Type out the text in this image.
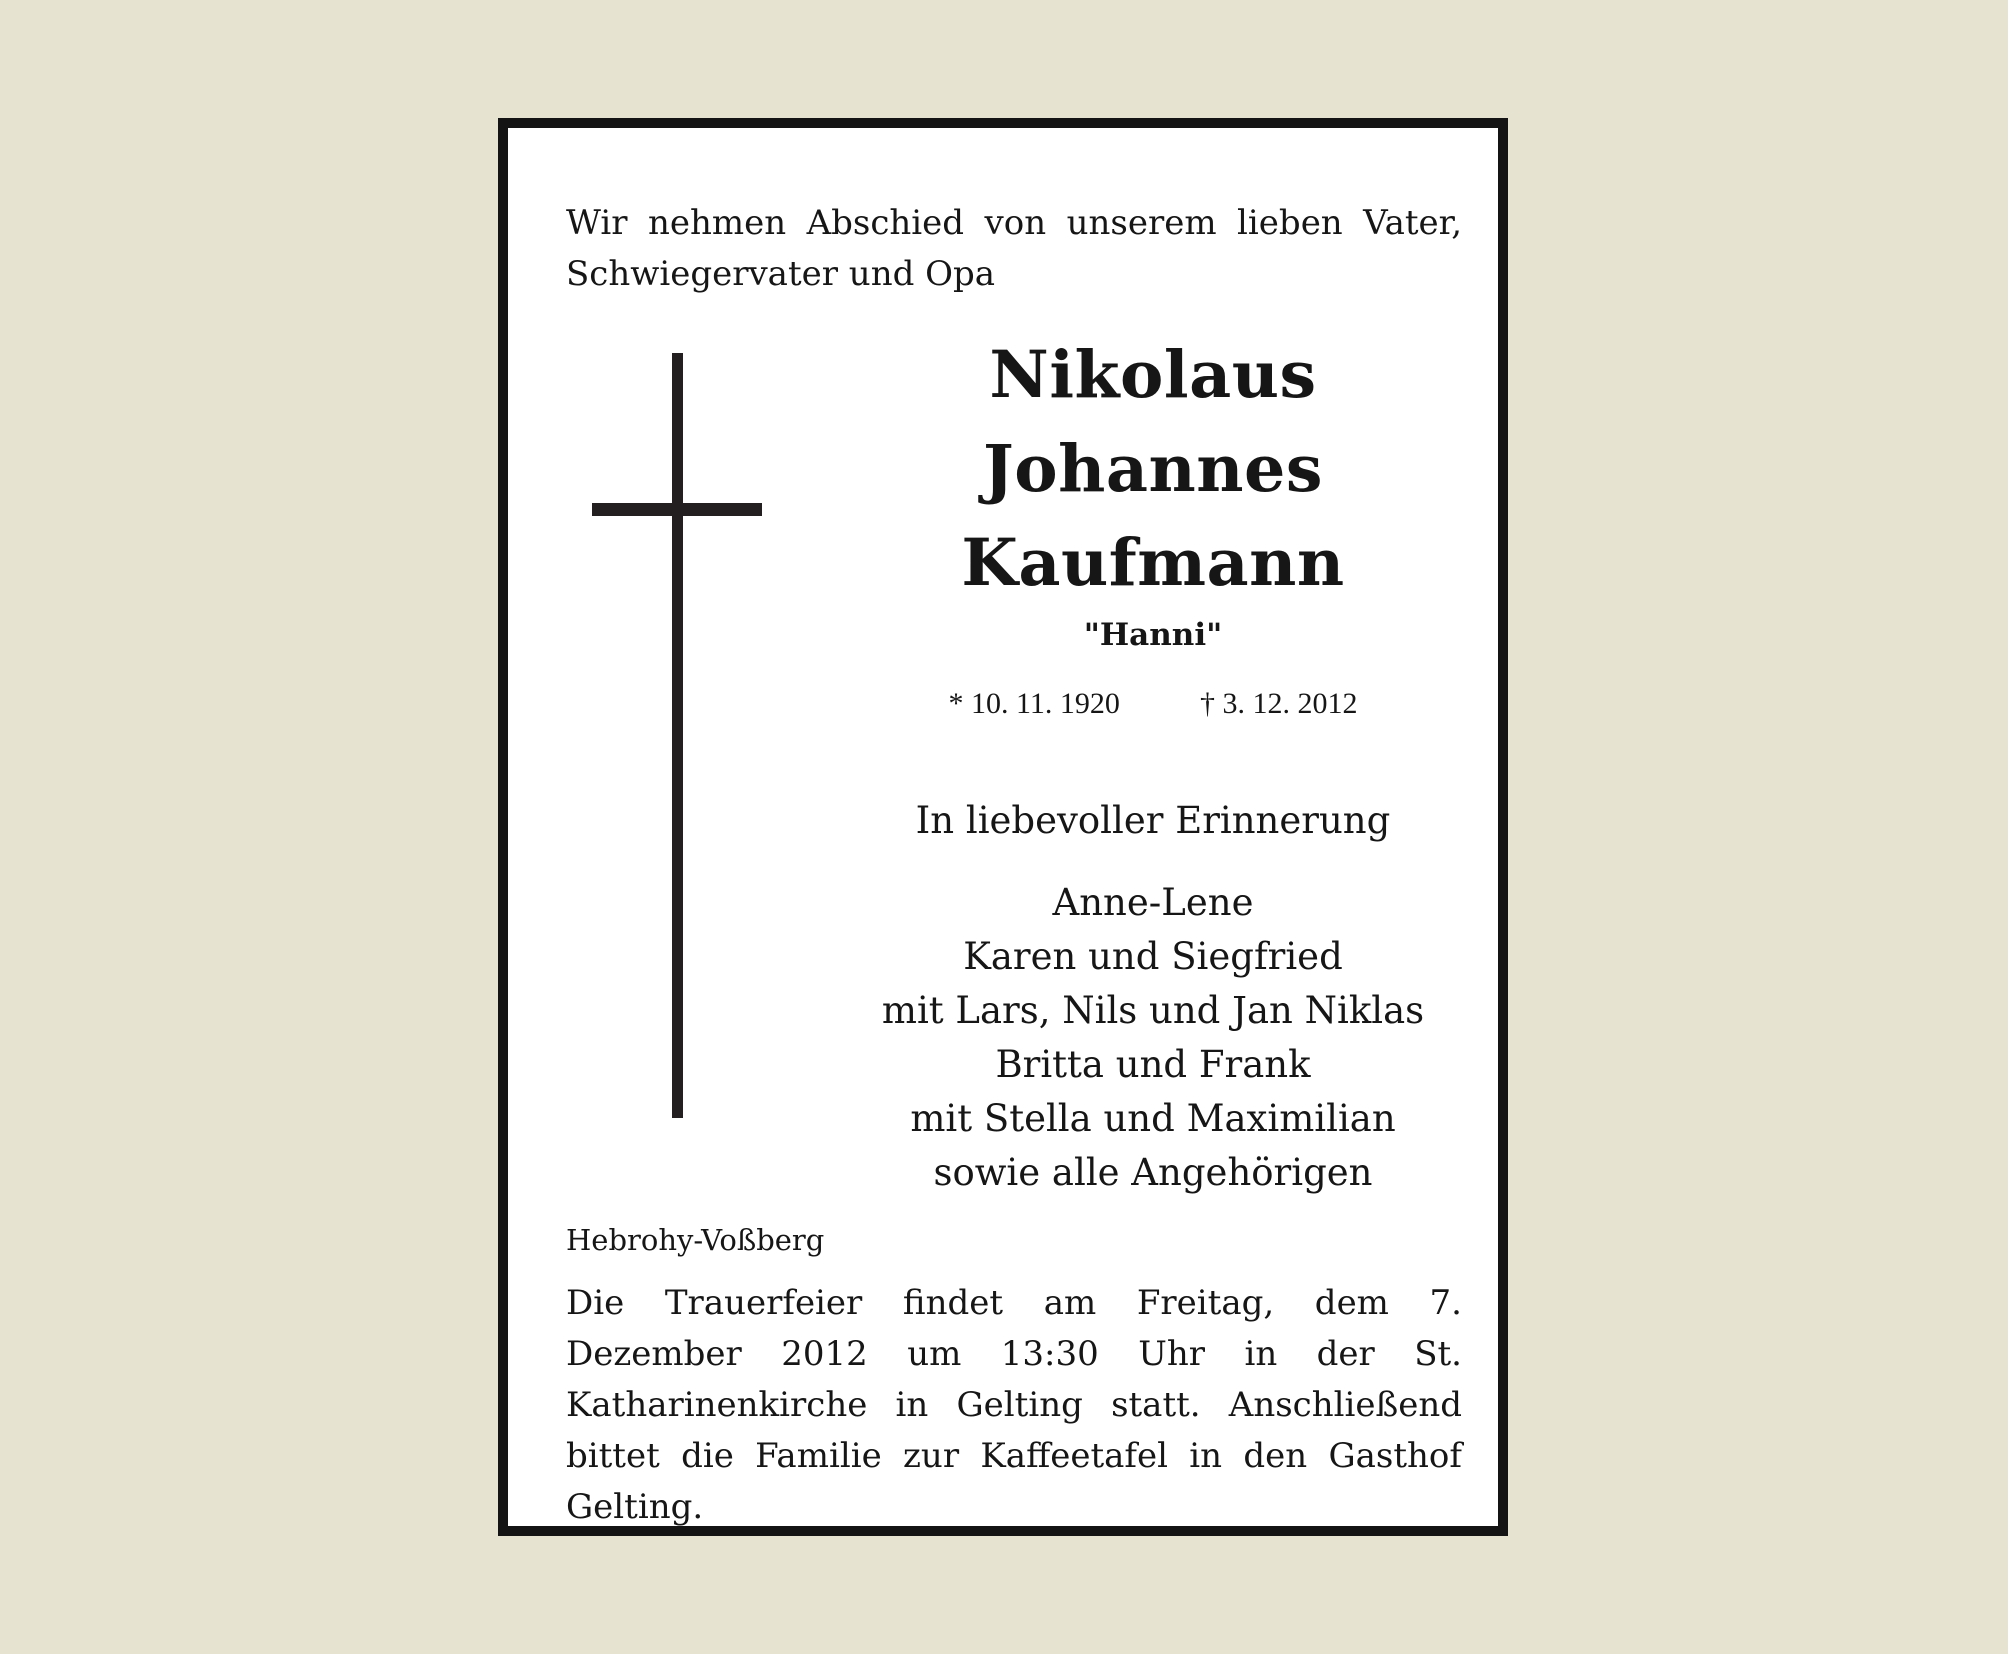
Wir nehmen Abschied von unserem lieben Vater, Schwiegervater und Opa

Nikolaus Johannes
Kaufmann
"Hanni"
* 10. 11. 1920	† 3. 12. 2012
In liebevoller Erinnerung
Anne-Lene
Karen und Siegfried
mit Lars, Nils und Jan Niklas
Britta und Frank
mit Stella und Maximilian
sowie alle Angehörigen

Hebrohy-Voßberg

Die Trauerfeier findet am Freitag, dem 7. Dezember 2012 um 13:30 Uhr in der St. Katharinenkirche in Gelting statt. Anschließend bittet die Familie zur Kaffeetafel in den Gasthof Gelting.
